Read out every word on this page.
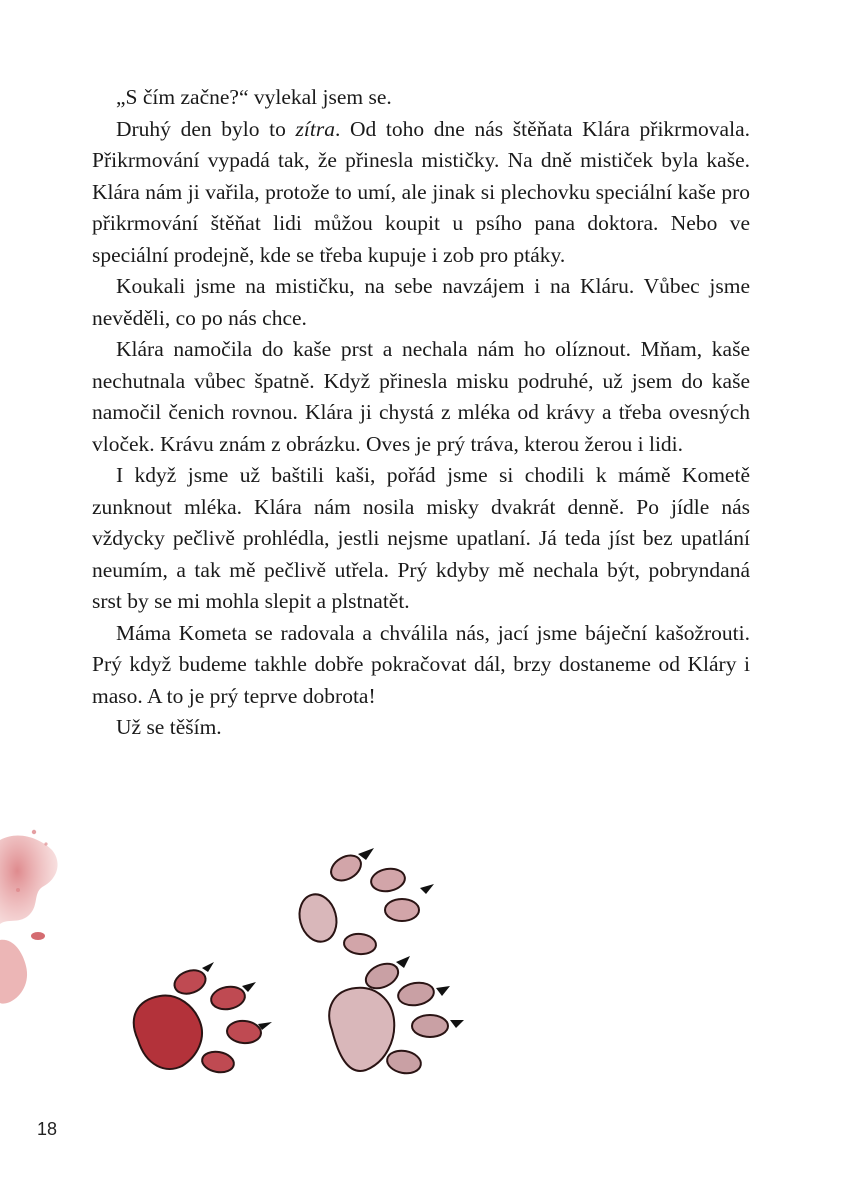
„S čím začne?“ vylekal jsem se.

Druhý den bylo to zítra. Od toho dne nás štěňata Klára přikrmovala. Přikrmování vypadá tak, že přinesla mističky. Na dně mističek byla kaše. Klára nám ji vařila, protože to umí, ale jinak si plechovku speciální kaše pro přikrmování štěňat lidi můžou koupit u psího pana doktora. Nebo ve speciální prodejně, kde se třeba kupuje i zob pro ptáky.

Koukali jsme na mističku, na sebe navzájem i na Kláru. Vůbec jsme nevěděli, co po nás chce.

Klára namočila do kaše prst a nechala nám ho olíznout. Mňam, kaše nechutnala vůbec špatně. Když přinesla misku podruhé, už jsem do kaše namočil čenich rovnou. Klára ji chystá z mléka od krávy a třeba ovesných vloček. Krávu znám z obrázku. Oves je prý tráva, kterou žerou i lidi.

I když jsme už baštili kaši, pořád jsme si chodili k mámě Kometě zunknout mléka. Klára nám nosila misky dvakrát denně. Po jídle nás vždycky pečlivě prohlédla, jestli nejsme upatlaní. Já teda jíst bez upatlání neumím, a tak mě pečlivě utřela. Prý kdyby mě nechala být, pobryndaná srst by se mi mohla slepit a plstnatět.

Máma Kometa se radovala a chválila nás, jací jsme báječní kašožrouti. Prý když budeme takhle dobře pokračovat dál, brzy dostaneme od Kláry i maso. A to je prý teprve dobrota!

Už se těším.

18
